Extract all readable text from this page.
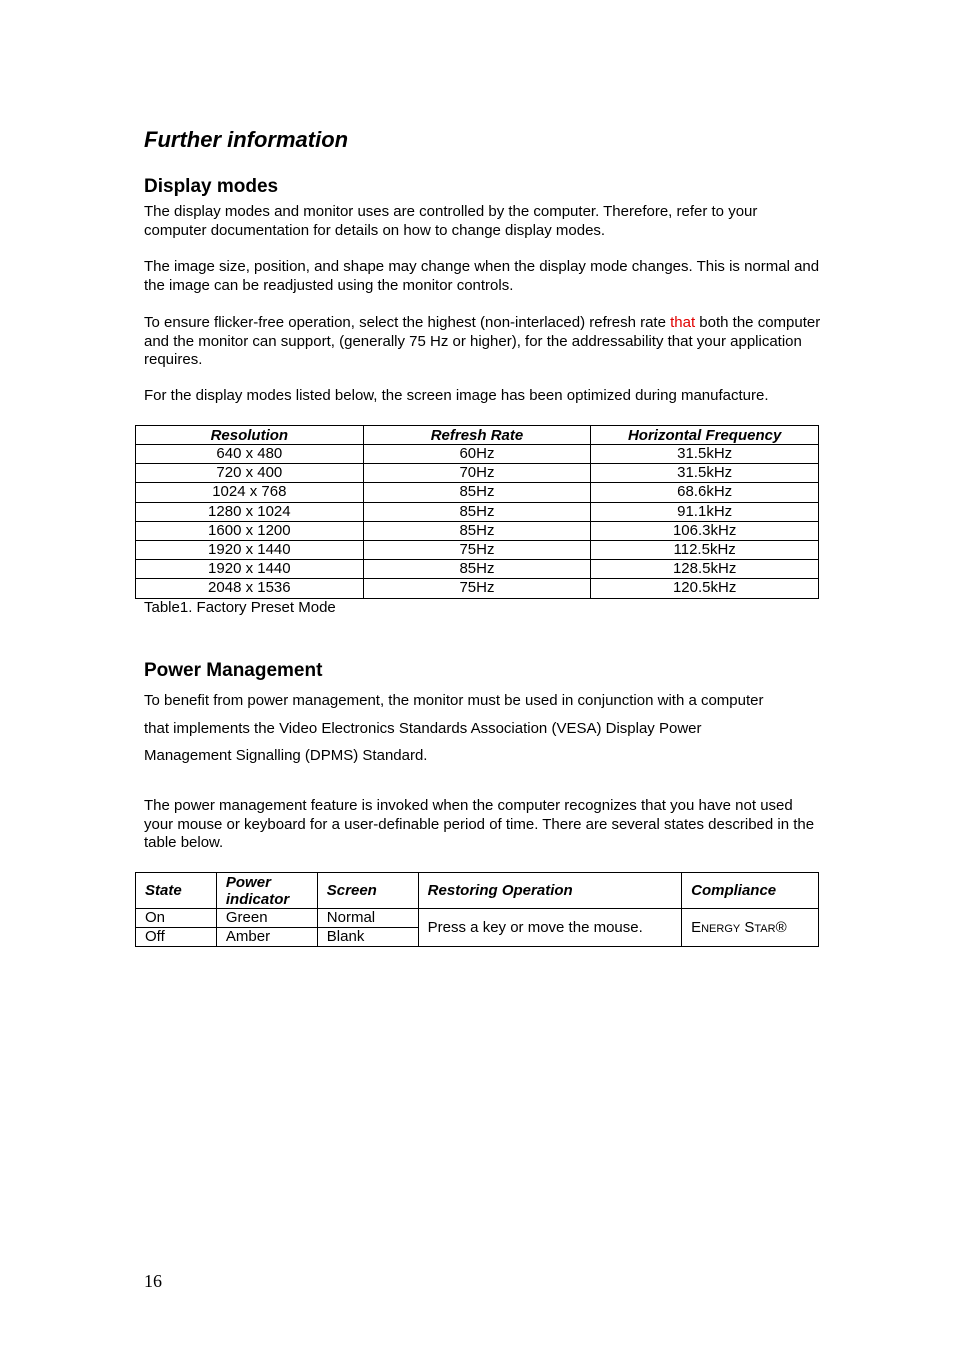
Further information
Display modes

The display modes and monitor uses are controlled by the computer. Therefore, refer to your computer documentation for details on how to change display modes.

The image size, position, and shape may change when the display mode changes. This is normal and the image can be readjusted using the monitor controls.

To ensure flicker-free operation, select the highest (non-interlaced) refresh rate that both the computer and the monitor can support, (generally 75 Hz or higher), for the addressability that your application requires.

For the display modes listed below, the screen image has been optimized during manufacture.

Resolution	Refresh Rate	Horizontal Frequency
640 x 480	60Hz	31.5kHz
720 x 400	70Hz	31.5kHz
1024 x 768	85Hz	68.6kHz
1280 x 1024	85Hz	91.1kHz
1600 x 1200	85Hz	106.3kHz
1920 x 1440	75Hz	112.5kHz
1920 x 1440	85Hz	128.5kHz
2048 x 1536	75Hz	120.5kHz
Table1. Factory Preset Mode
Power Management

To benefit from power management, the monitor must be used in conjunction with a computer
that implements the Video Electronics Standards Association (VESA) Display Power
Management Signalling (DPMS) Standard.

The power management feature is invoked when the computer recognizes that you have not used your mouse or keyboard for a user-definable period of time. There are several states described in the table below.

State	Power indicator	Screen	Restoring Operation	Compliance
On	Green	Normal	Press a key or move the mouse.	Energy Star®
Off	Amber	Blank		
16
